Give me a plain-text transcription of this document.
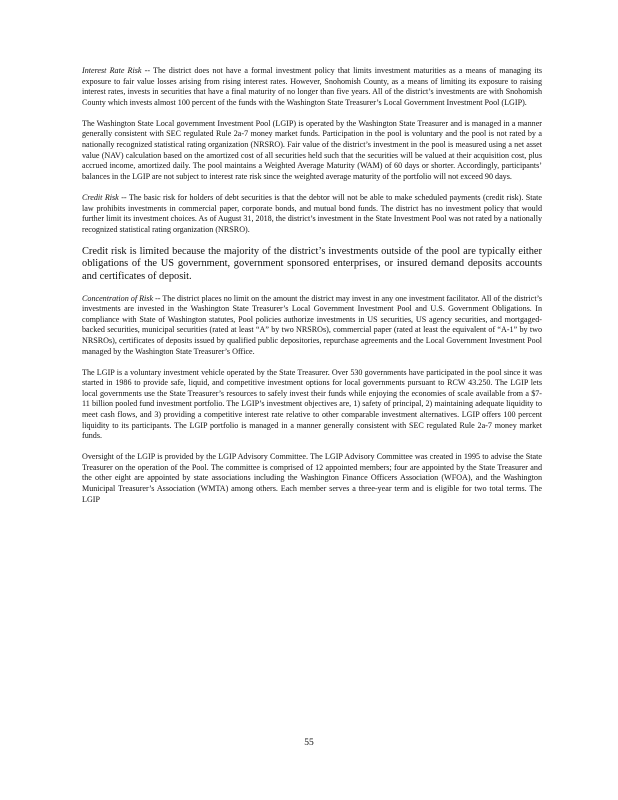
Interest Rate Risk -- The district does not have a formal investment policy that limits investment maturities as a means of managing its exposure to fair value losses arising from rising interest rates. However, Snohomish County, as a means of limiting its exposure to raising interest rates, invests in securities that have a final maturity of no longer than five years. All of the district’s investments are with Snohomish County which invests almost 100 percent of the funds with the Washington State Treasurer’s Local Government Investment Pool (LGIP).

The Washington State Local government Investment Pool (LGIP) is operated by the Washington State Treasurer and is managed in a manner generally consistent with SEC regulated Rule 2a-7 money market funds. Participation in the pool is voluntary and the pool is not rated by a nationally recognized statistical rating organization (NRSRO). Fair value of the district’s investment in the pool is measured using a net asset value (NAV) calculation based on the amortized cost of all securities held such that the securities will be valued at their acquisition cost, plus accrued income, amortized daily. The pool maintains a Weighted Average Maturity (WAM) of 60 days or shorter. Accordingly, participants’ balances in the LGIP are not subject to interest rate risk since the weighted average maturity of the portfolio will not exceed 90 days.

Credit Risk -- The basic risk for holders of debt securities is that the debtor will not be able to make scheduled payments (credit risk). State law prohibits investments in commercial paper, corporate bonds, and mutual bond funds. The district has no investment policy that would further limit its investment choices. As of August 31, 2018, the district’s investment in the State Investment Pool was not rated by a nationally recognized statistical rating organization (NRSRO).

Credit risk is limited because the majority of the district’s investments outside of the pool are typically either obligations of the US government, government sponsored enterprises, or insured demand deposits accounts and certificates of deposit.

Concentration of Risk -- The district places no limit on the amount the district may invest in any one investment facilitator. All of the district’s investments are invested in the Washington State Treasurer’s Local Government Investment Pool and U.S. Government Obligations. In compliance with State of Washington statutes, Pool policies authorize investments in US securities, US agency securities, and mortgaged-backed securities, municipal securities (rated at least “A” by two NRSROs), commercial paper (rated at least the equivalent of “A-1” by two NRSROs), certificates of deposits issued by qualified public depositories, repurchase agreements and the Local Government Investment Pool managed by the Washington State Treasurer’s Office.

The LGIP is a voluntary investment vehicle operated by the State Treasurer. Over 530 governments have participated in the pool since it was started in 1986 to provide safe, liquid, and competitive investment options for local governments pursuant to RCW 43.250. The LGIP lets local governments use the State Treasurer’s resources to safely invest their funds while enjoying the economies of scale available from a $7-11 billion pooled fund investment portfolio. The LGIP’s investment objectives are, 1) safety of principal, 2) maintaining adequate liquidity to meet cash flows, and 3) providing a competitive interest rate relative to other comparable investment alternatives. LGIP offers 100 percent liquidity to its participants. The LGIP portfolio is managed in a manner generally consistent with SEC regulated Rule 2a-7 money market funds.

Oversight of the LGIP is provided by the LGIP Advisory Committee. The LGIP Advisory Committee was created in 1995 to advise the State Treasurer on the operation of the Pool. The committee is comprised of 12 appointed members; four are appointed by the State Treasurer and the other eight are appointed by state associations including the Washington Finance Officers Association (WFOA), and the Washington Municipal Treasurer’s Association (WMTA) among others. Each member serves a three-year term and is eligible for two total terms. The LGIP

55
